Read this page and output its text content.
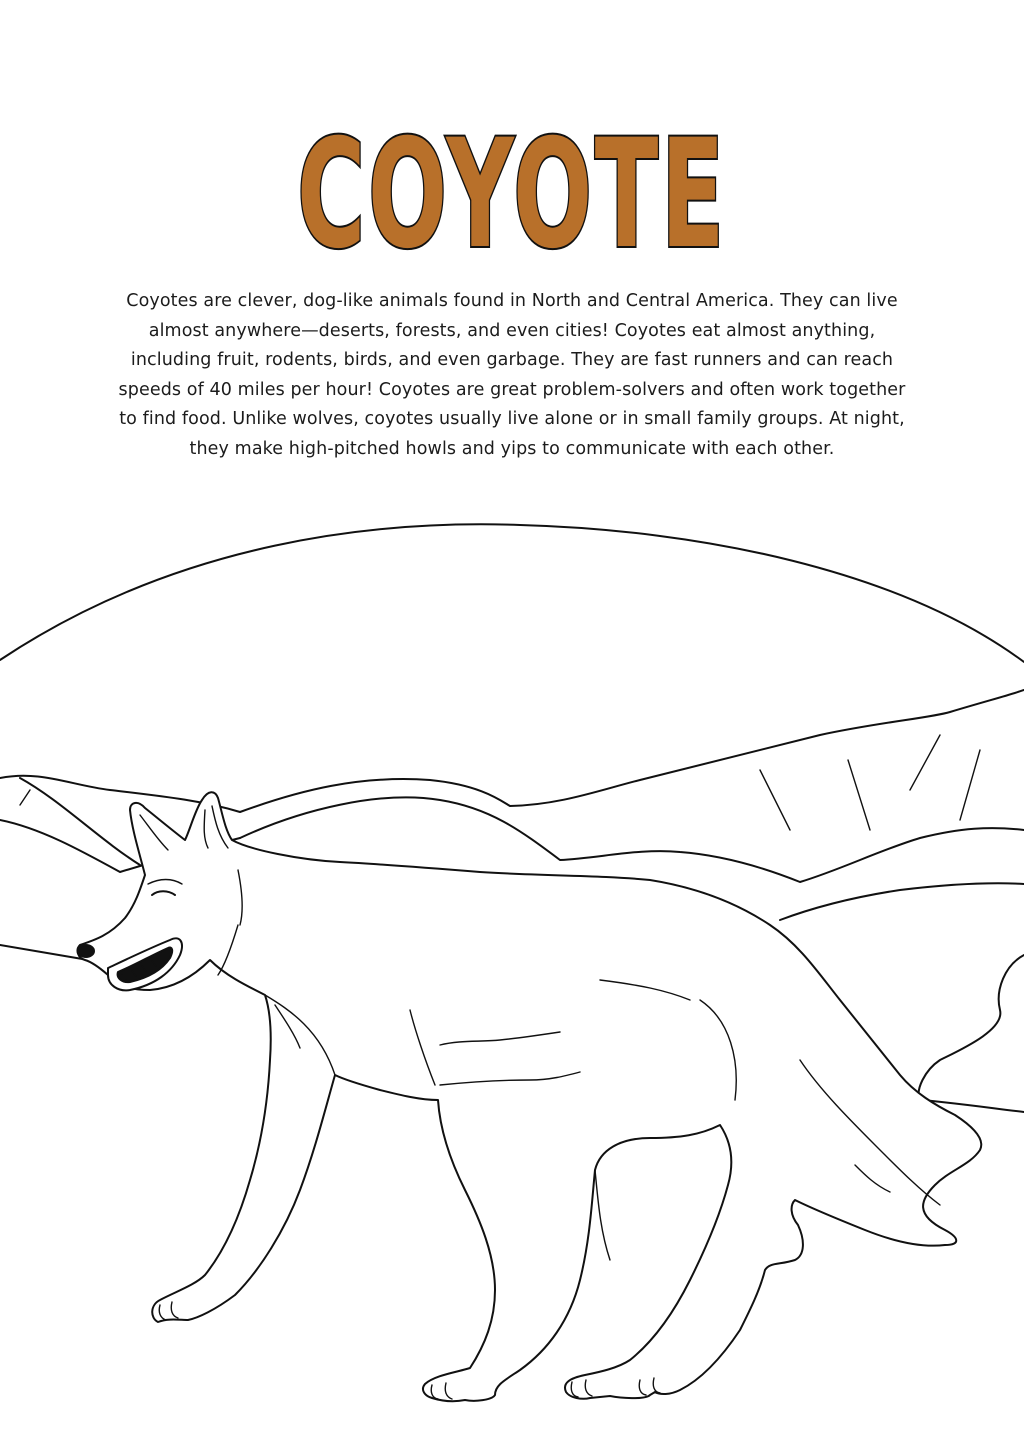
COYOTE

Coyotes are clever, dog-like animals found in North and Central America. They can live almost anywhere—deserts, forests, and even cities! Coyotes eat almost anything, including fruit, rodents, birds, and even garbage. They are fast runners and can reach speeds of 40 miles per hour! Coyotes are great problem-solvers and often work together to find food. Unlike wolves, coyotes usually live alone or in small family groups. At night, they make high-pitched howls and yips to communicate with each other.
